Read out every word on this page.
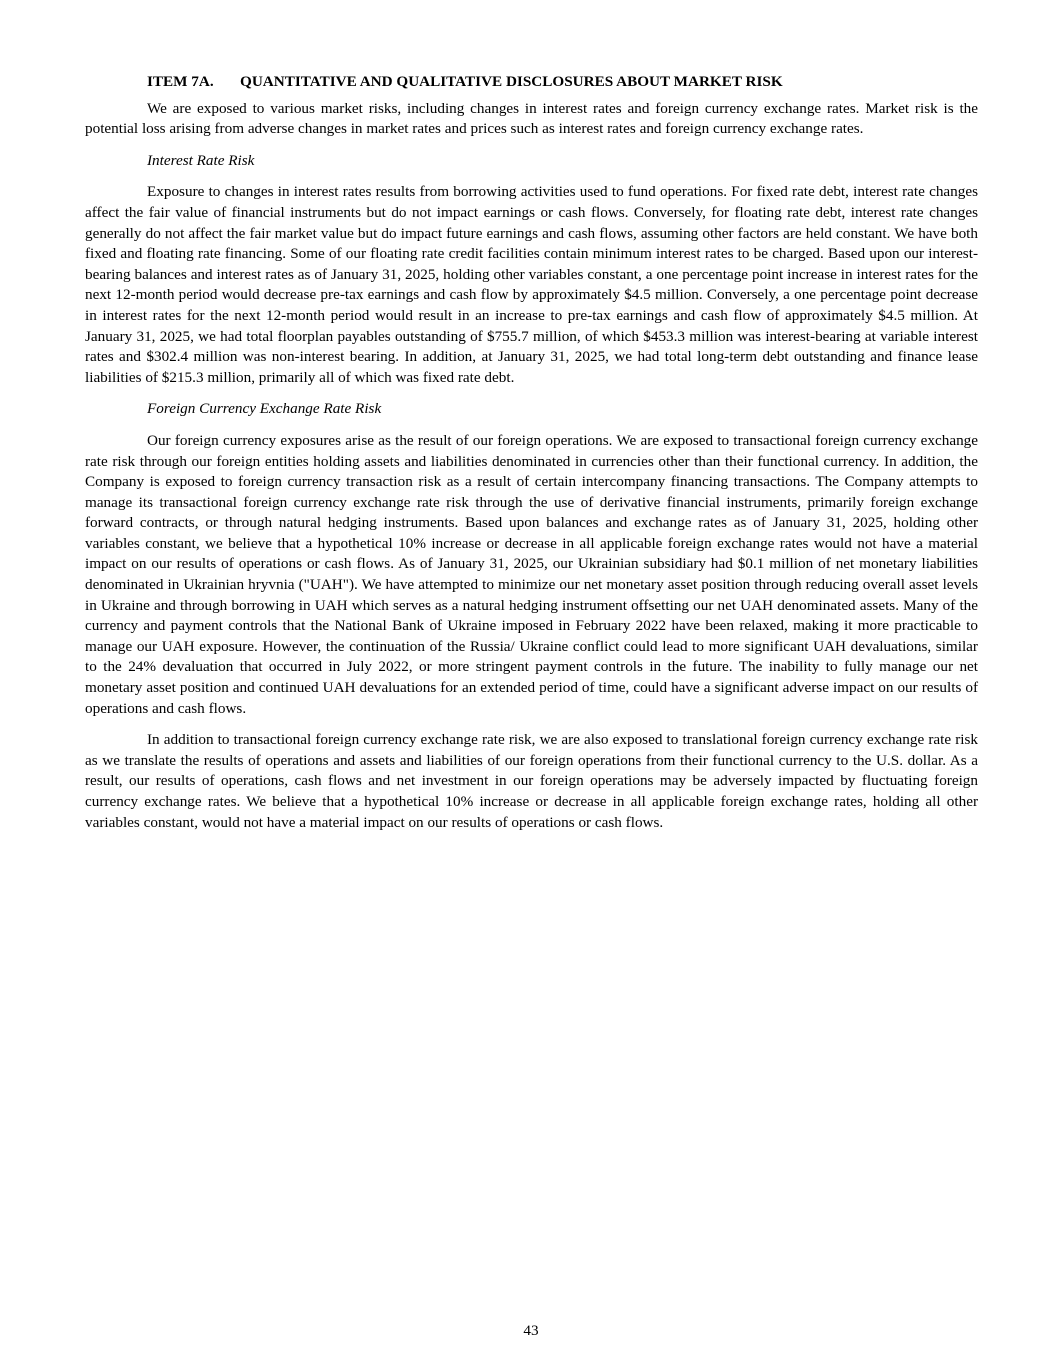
ITEM 7A. QUANTITATIVE AND QUALITATIVE DISCLOSURES ABOUT MARKET RISK

We are exposed to various market risks, including changes in interest rates and foreign currency exchange rates. Market risk is the potential loss arising from adverse changes in market rates and prices such as interest rates and foreign currency exchange rates.

Interest Rate Risk

Exposure to changes in interest rates results from borrowing activities used to fund operations. For fixed rate debt, interest rate changes affect the fair value of financial instruments but do not impact earnings or cash flows. Conversely, for floating rate debt, interest rate changes generally do not affect the fair market value but do impact future earnings and cash flows, assuming other factors are held constant. We have both fixed and floating rate financing. Some of our floating rate credit facilities contain minimum interest rates to be charged. Based upon our interest-bearing balances and interest rates as of January 31, 2025, holding other variables constant, a one percentage point increase in interest rates for the next 12-month period would decrease pre-tax earnings and cash flow by approximately $4.5 million. Conversely, a one percentage point decrease in interest rates for the next 12-month period would result in an increase to pre-tax earnings and cash flow of approximately $4.5 million. At January 31, 2025, we had total floorplan payables outstanding of $755.7 million, of which $453.3 million was interest-bearing at variable interest rates and $302.4 million was non-interest bearing. In addition, at January 31, 2025, we had total long-term debt outstanding and finance lease liabilities of $215.3 million, primarily all of which was fixed rate debt.

Foreign Currency Exchange Rate Risk

Our foreign currency exposures arise as the result of our foreign operations. We are exposed to transactional foreign currency exchange rate risk through our foreign entities holding assets and liabilities denominated in currencies other than their functional currency. In addition, the Company is exposed to foreign currency transaction risk as a result of certain intercompany financing transactions. The Company attempts to manage its transactional foreign currency exchange rate risk through the use of derivative financial instruments, primarily foreign exchange forward contracts, or through natural hedging instruments. Based upon balances and exchange rates as of January 31, 2025, holding other variables constant, we believe that a hypothetical 10% increase or decrease in all applicable foreign exchange rates would not have a material impact on our results of operations or cash flows. As of January 31, 2025, our Ukrainian subsidiary had $0.1 million of net monetary liabilities denominated in Ukrainian hryvnia ("UAH"). We have attempted to minimize our net monetary asset position through reducing overall asset levels in Ukraine and through borrowing in UAH which serves as a natural hedging instrument offsetting our net UAH denominated assets. Many of the currency and payment controls that the National Bank of Ukraine imposed in February 2022 have been relaxed, making it more practicable to manage our UAH exposure. However, the continuation of the Russia/ Ukraine conflict could lead to more significant UAH devaluations, similar to the 24% devaluation that occurred in July 2022, or more stringent payment controls in the future. The inability to fully manage our net monetary asset position and continued UAH devaluations for an extended period of time, could have a significant adverse impact on our results of operations and cash flows.

In addition to transactional foreign currency exchange rate risk, we are also exposed to translational foreign currency exchange rate risk as we translate the results of operations and assets and liabilities of our foreign operations from their functional currency to the U.S. dollar. As a result, our results of operations, cash flows and net investment in our foreign operations may be adversely impacted by fluctuating foreign currency exchange rates. We believe that a hypothetical 10% increase or decrease in all applicable foreign exchange rates, holding all other variables constant, would not have a material impact on our results of operations or cash flows.

43
